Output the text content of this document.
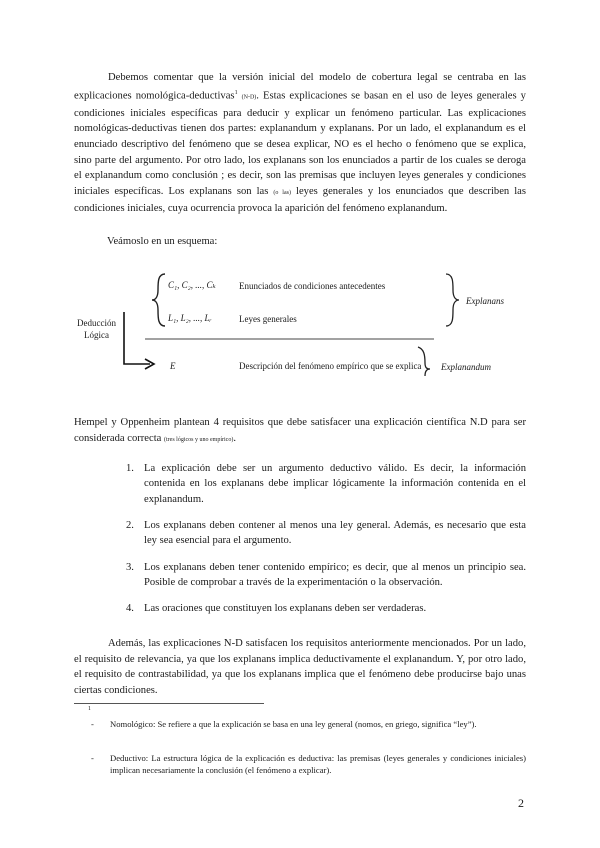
Debemos comentar que la versión inicial del modelo de cobertura legal se centraba en las explicaciones nomológica-deductivas$^1$ (N-D). Estas explicaciones se basan en el uso de leyes generales y condiciones iniciales específicas para deducir y explicar un fenómeno particular. Las explicaciones nomológicas-deductivas tienen dos partes: explanandum y explanans. Por un lado, el explanandum es el enunciado descriptivo del fenómeno que se desea explicar, NO es el hecho o fenómeno que se explica, sino parte del argumento. Por otro lado, los explanans son los enunciados a partir de los cuales se deroga el explanandum como conclusión ; es decir, son las premisas que incluyen leyes generales y condiciones iniciales específicas. Los explanans son las (o las) leyes generales y los enunciados que describen las condiciones iniciales, cuya ocurrencia provoca la aparición del fenómeno explanandum.

Veámoslo en un esquema:

C₁, C₂, ..., Cₖ	Enunciados de condiciones antecedentes
L₁, L₂, ..., Lᵣ	Leyes generales
Explanans
Deducción
Lógica
E	Descripción del fenómeno empírico que se explica Explanandum

Hempel y Oppenheim plantean 4 requisitos que debe satisfacer una explicación científica N.D para ser considerada correcta (tres lógicos y uno empírico).

1. La explicación debe ser un argumento deductivo válido. Es decir, la información contenida en los explanans debe implicar lógicamente la información contenida en el explanandum.
2. Los explanans deben contener al menos una ley general. Además, es necesario que esta ley sea esencial para el argumento.
3. Los explanans deben tener contenido empírico; es decir, que al menos un principio sea. Posible de comprobar a través de la experimentación o la observación.
4. Las oraciones que constituyen los explanans deben ser verdaderas.

Además, las explicaciones N-D satisfacen los requisitos anteriormente mencionados. Por un lado, el requisito de relevancia, ya que los explanans implica deductivamente el explanandum. Y, por otro lado, el requisito de contrastabilidad, ya que los explanans implica que el fenómeno debe producirse bajo unas ciertas condiciones.

1
- Nomológico: Se refiere a que la explicación se basa en una ley general (nomos, en griego, significa “ley”).
- Deductivo: La estructura lógica de la explicación es deductiva: las premisas (leyes generales y condiciones iniciales) implican necesariamente la conclusión (el fenómeno a explicar).
2
